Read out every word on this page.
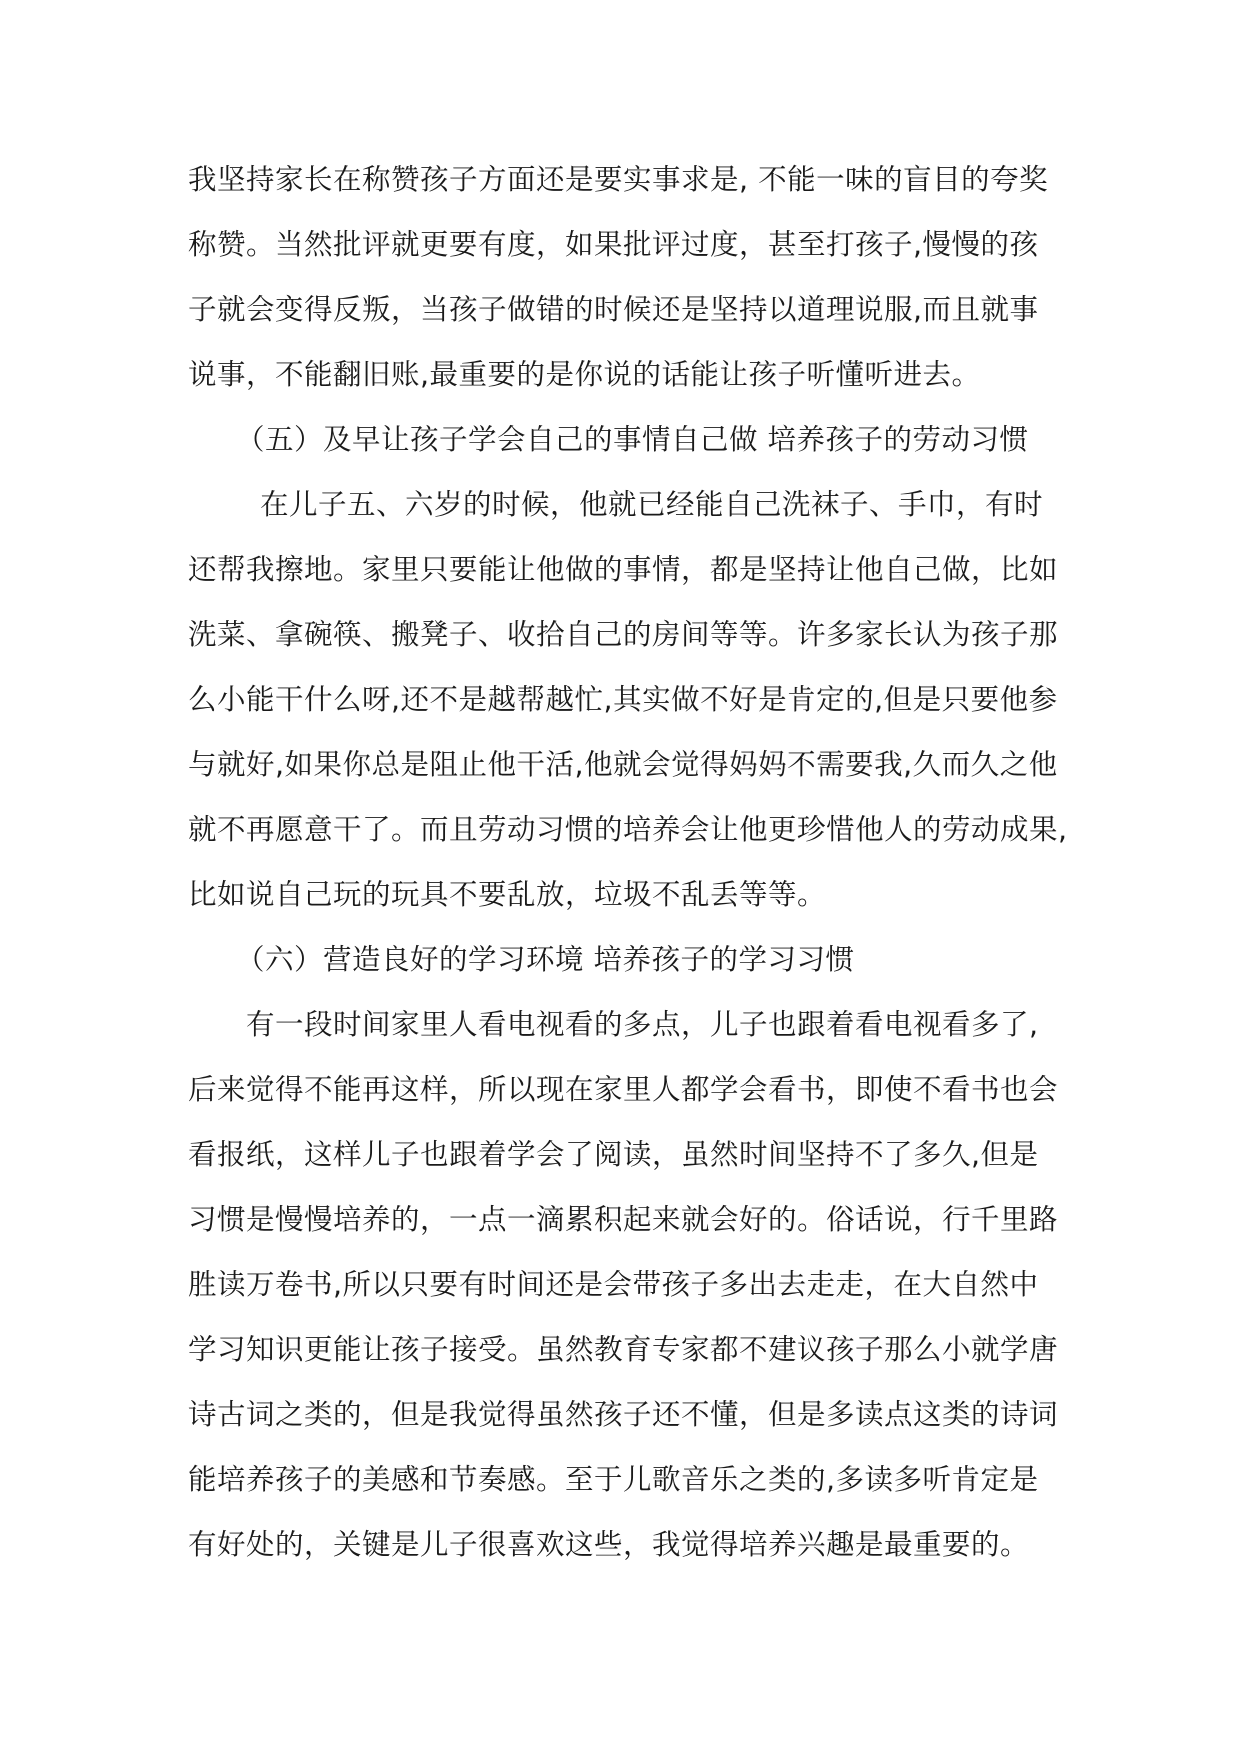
我坚持家长在称赞孩子方面还是要实事求是, 不能一味的盲目的夸奖
称赞。当然批评就更要有度，如果批评过度，甚至打孩子,慢慢的孩
子就会变得反叛，当孩子做错的时候还是坚持以道理说服,而且就事
说事，不能翻旧账,最重要的是你说的话能让孩子听懂听进去。
（五）及早让孩子学会自己的事情自己做 培养孩子的劳动习惯
在儿子五、六岁的时候，他就已经能自己洗袜子、手巾，有时
还帮我擦地。家里只要能让他做的事情，都是坚持让他自己做，比如
洗菜、拿碗筷、搬凳子、收拾自己的房间等等。许多家长认为孩子那
么小能干什么呀,还不是越帮越忙,其实做不好是肯定的,但是只要他参
与就好,如果你总是阻止他干活,他就会觉得妈妈不需要我,久而久之他
就不再愿意干了。而且劳动习惯的培养会让他更珍惜他人的劳动成果,
比如说自己玩的玩具不要乱放，垃圾不乱丢等等。
（六）营造良好的学习环境 培养孩子的学习习惯
有一段时间家里人看电视看的多点，儿子也跟着看电视看多了,
后来觉得不能再这样，所以现在家里人都学会看书，即使不看书也会
看报纸，这样儿子也跟着学会了阅读，虽然时间坚持不了多久,但是
习惯是慢慢培养的，一点一滴累积起来就会好的。俗话说，行千里路
胜读万卷书,所以只要有时间还是会带孩子多出去走走，在大自然中
学习知识更能让孩子接受。虽然教育专家都不建议孩子那么小就学唐
诗古词之类的，但是我觉得虽然孩子还不懂，但是多读点这类的诗词
能培养孩子的美感和节奏感。至于儿歌音乐之类的,多读多听肯定是
有好处的，关键是儿子很喜欢这些，我觉得培养兴趣是最重要的。
